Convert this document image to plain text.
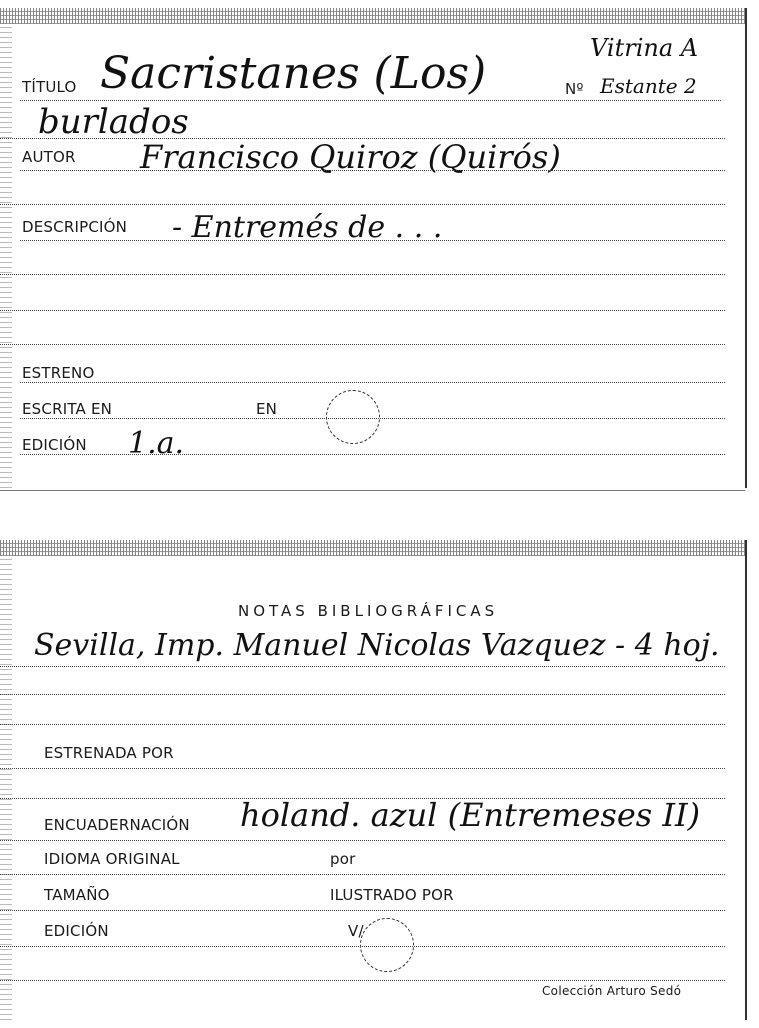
Vitrina A
TÍTULO Sacristanes (Los)	Nº Estante 2
burlados
AUTOR Francisco Quiroz (Quirós)
DESCRIPCIÓN - Entremés de . . .
ESTRENO
ESCRITA EN	EN
EDICIÓN 1.a.
NOTAS BIBLIOGRÁFICAS
Sevilla, Imp. Manuel Nicolas Vazquez - 4 hoj.
ESTRENADA POR
ENCUADERNACIÓN holand. azul (Entremeses II)
IDIOMA ORIGINAL	por
TAMAÑO	ILUSTRADO POR
EDICIÓN	V/
Colección Arturo Sedó
